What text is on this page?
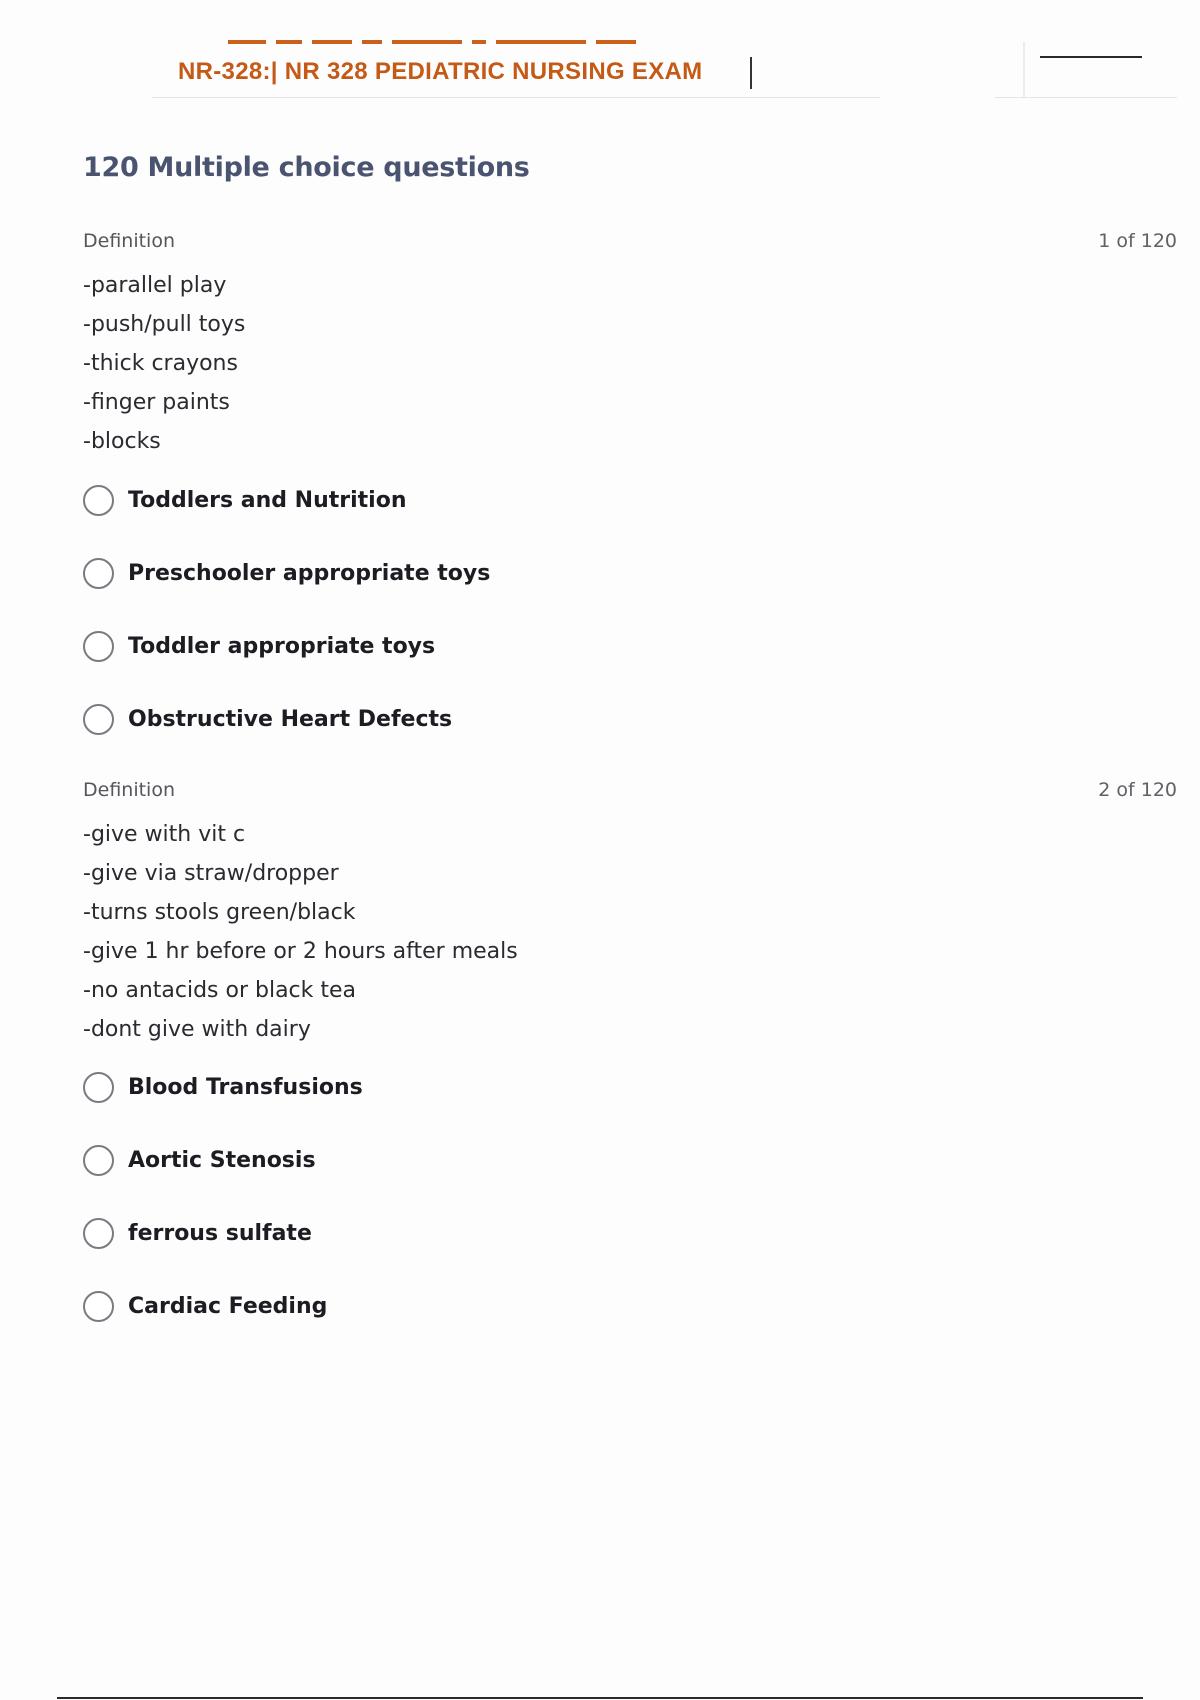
NR-328:| NR 328 PEDIATRIC NURSING EXAM
120 Multiple choice questions
Definition	1 of 120
-parallel play
-push/pull toys
-thick crayons
-finger paints
-blocks
Toddlers and Nutrition
Preschooler appropriate toys
Toddler appropriate toys
Obstructive Heart Defects
Definition	2 of 120
-give with vit c
-give via straw/dropper
-turns stools green/black
-give 1 hr before or 2 hours after meals
-no antacids or black tea
-dont give with dairy
Blood Transfusions
Aortic Stenosis
ferrous sulfate
Cardiac Feeding
